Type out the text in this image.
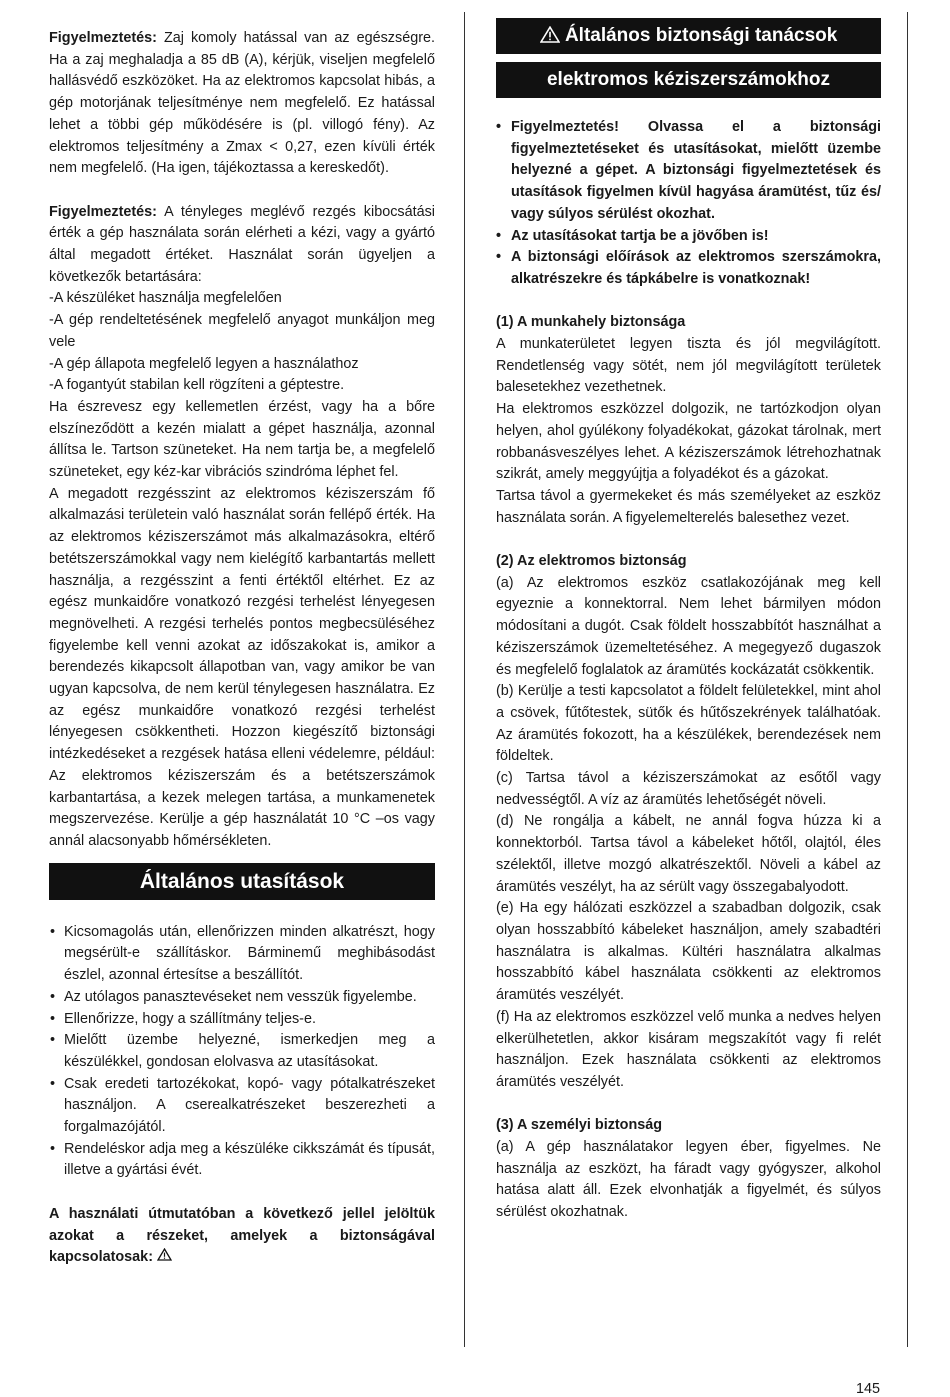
Figyelmeztetés: Zaj komoly hatással van az egészségre. Ha a zaj meghaladja a 85 dB (A), kérjük, viseljen megfelelő hallásvédő eszközöket. Ha az elektromos kapcsolat hibás, a gép motorjának teljesítménye nem megfelelő. Ez hatással lehet a többi gép működésére is (pl. villogó fény). Az elektromos teljesítmény a Zmax < 0,27, ezen kívüli érték nem megfelelő. (Ha igen, tájékoztassa a kereskedőt).

Figyelmeztetés: A tényleges meglévő rezgés kibocsátási érték a gép használata során elérheti a kézi, vagy a gyártó által megadott értéket. Használat során ügyeljen a következők betartására:

-A készüléket használja megfelelően

-A gép rendeltetésének megfelelő anyagot munkáljon meg vele

-A gép állapota megfelelő legyen a használathoz

-A fogantyút stabilan kell rögzíteni a géptestre.

Ha észrevesz egy kellemetlen érzést, vagy ha a bőre elszíneződött a kezén mialatt a gépet használja, azonnal állítsa le. Tartson szüneteket. Ha nem tartja be, a megfelelő szüneteket, egy kéz-kar vibrációs szindróma léphet fel.

A megadott rezgésszint az elektromos kéziszerszám fő alkalmazási területein való használat során fellépő érték. Ha az elektromos kéziszerszámot más alkalmazásokra, eltérő betétszerszámokkal vagy nem kielégítő karbantartás mellett használja, a rezgésszint a fenti értéktől eltérhet. Ez az egész munkaidőre vonatkozó rezgési terhelést lényegesen megnövelheti. A rezgési terhelés pontos megbecsüléséhez figyelembe kell venni azokat az időszakokat is, amikor a berendezés kikapcsolt állapotban van, vagy amikor be van ugyan kapcsolva, de nem kerül ténylegesen használatra. Ez az egész munkaidőre vonatkozó rezgési terhelést lényegesen csökkentheti. Hozzon kiegészítő biztonsági intézkedéseket a rezgések hatása elleni védelemre, például: Az elektromos kéziszerszám és a betétszerszámok karbantartása, a kezek melegen tartása, a munkamenetek megszervezése. Kerülje a gép használatát 10 °C –os vagy annál alacsonyabb hőmérsékleten.

Általános utasítások
• Kicsomagolás után, ellenőrizzen minden alkatrészt, hogy megsérült-e szállításkor. Bárminemű meghibásodást észlel, azonnal értesítse a beszállítót.
• Az utólagos panasztevéseket nem vesszük figyelembe.
• Ellenőrizze, hogy a szállítmány teljes-e.
• Mielőtt üzembe helyezné, ismerkedjen meg a készülékkel, gondosan elolvasva az utasításokat.
• Csak eredeti tartozékokat, kopó- vagy pótalkatrészeket használjon. A cserealkatrészeket beszerezheti a forgalmazójától.
• Rendeléskor adja meg a készüléke cikkszámát és típusát, illetve a gyártási évét.

A használati útmutatóban a következő jellel jelöltük azokat a részeket, amelyek a biztonságával kapcsolatosak:

Általános biztonsági tanácsok
elektromos kéziszerszámokhoz
• Figyelmeztetés! Olvassa el a biztonsági figyelmeztetéseket és utasításokat, mielőtt üzembe helyezné a gépet. A biztonsági figyelmeztetések és utasítások figyelmen kívül hagyása áramütést, tűz és/ vagy súlyos sérülést okozhat.
• Az utasításokat tartja be a jövőben is!
• A biztonsági előírások az elektromos szerszámokra, alkatrészekre és tápkábelre is vonatkoznak!

(1) A munkahely biztonsága

A munkaterületet legyen tiszta és jól megvilágított. Rendetlenség vagy sötét, nem jól megvilágított területek balesetekhez vezethetnek.

Ha elektromos eszközzel dolgozik, ne tartózkodjon olyan helyen, ahol gyúlékony folyadékokat, gázokat tárolnak, mert robbanásveszélyes lehet. A kéziszerszámok létrehozhatnak szikrát, amely meggyújtja a folyadékot és a gázokat.

Tartsa távol a gyermekeket és más személyeket az eszköz használata során. A figyelemelterelés balesethez vezet.

(2) Az elektromos biztonság

(a) Az elektromos eszköz csatlakozójának meg kell egyeznie a konnektorral. Nem lehet bármilyen módon módosítani a dugót. Csak földelt hosszabbítót használhat a kéziszerszámok üzemeltetéséhez. A megegyező dugaszok és megfelelő foglalatok az áramütés kockázatát csökkentik.

(b) Kerülje a testi kapcsolatot a földelt felületekkel, mint ahol a csövek, fűtőtestek, sütők és hűtőszekrények találhatóak. Az áramütés fokozott, ha a készülékek, berendezések nem földeltek.

(c) Tartsa távol a kéziszerszámokat az esőtől vagy nedvességtől. A víz az áramütés lehetőségét növeli.

(d) Ne rongálja a kábelt, ne annál fogva húzza ki a konnektorból. Tartsa távol a kábeleket hőtől, olajtól, éles szélektől, illetve mozgó alkatrészektől. Növeli a kábel az áramütés veszélyt, ha az sérült vagy összegabalyodott.

(e) Ha egy hálózati eszközzel a szabadban dolgozik, csak olyan hosszabbító kábeleket használjon, amely szabadtéri használatra is alkalmas. Kültéri használatra alkalmas hosszabbító kábel használata csökkenti az elektromos áramütés veszélyét.

(f) Ha az elektromos eszközzel velő munka a nedves helyen elkerülhetetlen, akkor kisáram megszakítót vagy fi relét használjon. Ezek használata csökkenti az elektromos áramütés veszélyét.

(3) A személyi biztonság

(a) A gép használatakor legyen éber, figyelmes. Ne használja az eszközt, ha fáradt vagy gyógyszer, alkohol hatása alatt áll. Ezek elvonhatják a figyelmét, és súlyos sérülést okozhatnak.

145
